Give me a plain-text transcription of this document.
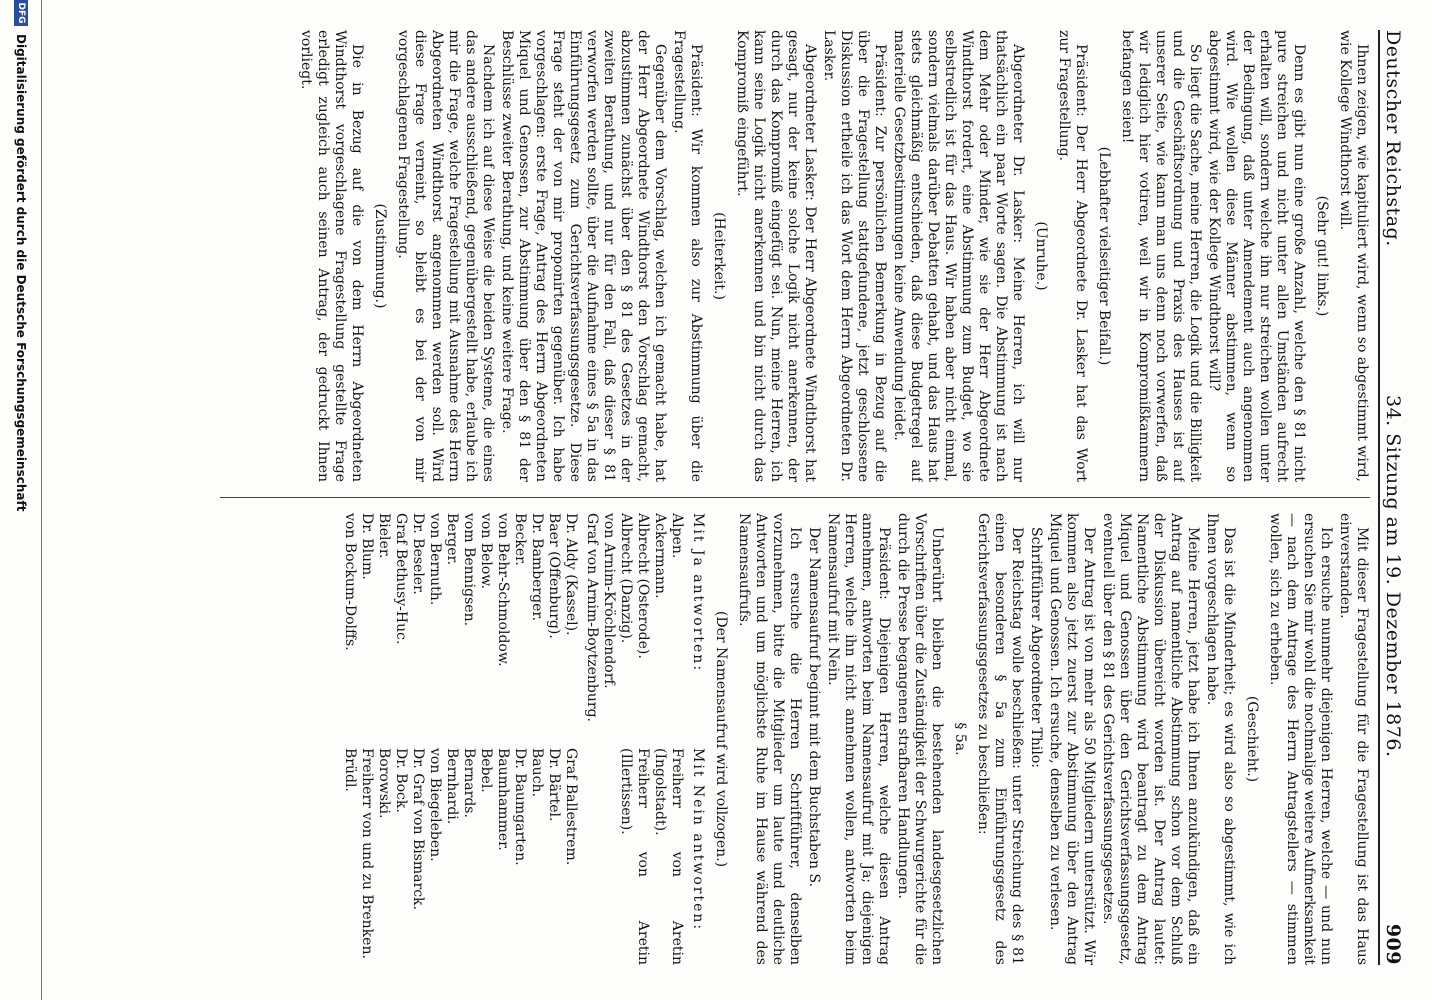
Deutscher Reichstag.
34. Sitzung am 19. Dezember 1876.
909

Ihnen zeigen, wie kapituliert wird, wenn so abgestimmt wird, wie Kollege Windthorst will.

(Sehr gut! links.)

Denn es gibt nun eine große Anzahl, welche den § 81 nicht pure streichen und nicht unter allen Umständen aufrecht erhalten will, sondern welche ihn nur streichen wollen unter der Bedingung, daß unter Amendement auch angenommen wird. Wie wollen diese Männer abstimmen, wenn so abgestimmt wird, wie der Kollege Windthorst will?

So liegt die Sache, meine Herren, die Logik und die Billigkeit und die Geschäftsordnung und Praxis des Hauses ist auf unserer Seite, wie kann man uns denn noch vorwerfen, daß wir lediglich hier votiren, weil wir in Kompromißkammern befangen seien!

(Lebhafter vielseitiger Beifall.)

Präsident: Der Herr Abgeordnete Dr. Lasker hat das Wort zur Fragestellung.

(Unruhe.)

Abgeordneter Dr. Lasker: Meine Herren, ich will nur thatsächlich ein paar Worte sagen. Die Abstimmung ist nach dem Mehr oder Minder, wie sie der Herr Abgeordnete Windthorst fordert, eine Abstimmung zum Budget, wo sie selbstredlich ist für das Haus. Wir haben aber nicht einmal, sondern vielmals darüber Debatten gehabt, und das Haus hat stets gleichmäßig entschieden, daß diese Budgetregel auf materielle Gesetzbestimmungen keine Anwendung leidet.

Präsident: Zur persönlichen Bemerkung in Bezug auf die über die Fragestellung stattgefundene, jetzt geschlossene Diskussion ertheile ich das Wort dem Herrn Abgeordneten Dr. Lasker.

Abgeordneter Lasker: Der Herr Abgeordnete Windthorst hat gesagt, nur der keine solche Logik nicht anerkennen, der durch das Kompromiß eingefügt sei. Nun, meine Herren, ich kann seine Logik nicht anerkennen und bin nicht durch das Kompromiß eingeführt.

(Heiterkeit.)

Präsident: Wir kommen also zur Abstimmung über die Fragestellung.

Gegenüber dem Vorschlag, welchen ich gemacht habe, hat der Herr Abgeordnete Windthorst den Vorschlag gemacht, abzustimmen zunächst über den § 81 des Gesetzes in der zweiten Berathung, und nur für den Fall, daß dieser § 81 verworfen werden sollte, über die Aufnahme eines § 5a in das Einführungsgesetz zum Gerichtsverfassungsgesetze. Diese Frage steht der von mir proponirten gegenüber. Ich habe vorgeschlagen: erste Frage, Antrag des Herrn Abgeordneten Miquel und Genossen, zur Abstimmung über den § 81 der Beschlüsse zweiter Berathung, und keine weitere Frage.

Nachdem ich auf diese Weise die beiden Systeme, die eines das andere ausschließend, gegenübergestellt habe, erlaube ich mir die Frage, welche Fragestellung mit Ausnahme des Herrn Abgeordneten Windthorst angenommen werden soll. Wird diese Frage verneint, so bleibt es bei der von mir vorgeschlagenen Fragestellung.

(Zustimmung.)

Die in Bezug auf die von dem Herrn Abgeordneten Windthorst vorgeschlagene Fragestellung gestellte Frage erledigt zugleich auch seinen Antrag, der gedruckt Ihnen vorliegt.

Mit dieser Fragestellung für die Fragestellung ist das Haus einverstanden.

Ich ersuche nunmehr diejenigen Herren, welche — und nun ersuchen Sie mir wohl die nochmalige weitere Aufmerksamkeit — nach dem Antrage des Herrn Antragstellers — stimmen wollen, sich zu erheben.

(Geschieht.)

Das ist die Minderheit; es wird also so abgestimmt, wie ich Ihnen vorgeschlagen habe.

Meine Herren, jetzt habe ich Ihnen anzukündigen, daß ein Antrag auf namentliche Abstimmung schon vor dem Schluß der Diskussion übereicht worden ist. Der Antrag lautet: Namentliche Abstimmung wird beantragt zu dem Antrag Miquel und Genossen über den Gerichtsverfassungsgesetz, eventuell über den § 81 des Gerichtsverfassungsgesetzes.

Der Antrag ist von mehr als 50 Mitgliedern unterstützt. Wir kommen also jetzt zuerst zur Abstimmung über den Antrag Miquel und Genossen. Ich ersuche, denselben zu verlesen.

Schriftführer Abgeordneter Thilo:

Der Reichstag wolle beschließen: unter Streichung des § 81 einen besonderen § 5a zum Einführungsgesetz des Gerichtsverfassungsgesetzes zu beschließen:

§ 5a.

Unberührt bleiben die bestehenden landesgesetzlichen Vorschriften über die Zuständigkeit der Schwurgerichte für die durch die Presse begangenen strafbaren Handlungen.

Präsident: Diejenigen Herren, welche diesen Antrag annehmen, antworten beim Namensaufruf mit Ja; diejenigen Herren, welche ihn nicht annehmen wollen, antworten beim Namensaufruf mit Nein.

Der Namensaufruf beginnt mit dem Buchstaben S.

Ich ersuche die Herren Schriftführer, denselben vorzunehmen, bitte die Mitglieder um laute und deutliche Antworten und um möglichste Ruhe im Hause während des Namensaufrufs.

(Der Namensaufruf wird vollzogen.)

Mit Ja antworten:
Mit Nein antworten:
Alpen.
Ackermann.
Albrecht (Osterode).
Albrecht (Danzig).
von Arnim-Kröchlendorf.
Graf von Arnim-Boytzenburg.
Freiherr von Aretin (Ingolstadt).
Freiherr von Aretin (Illertissen).
Dr. Aldy (Kassel).
Baer (Offenburg).
Dr. Bamberger.
Becker.
von Behr-Schmoldow.
von Below.
vom Bennigsen.
Berger.
von Bernuth.
Dr. Beseler.
Graf Bethusy-Huc.
Bieler.
Dr. Blum.
von Bockum-Dolffs.
Graf Ballestrem.
Dr. Bärtel.
Bauch.
Dr. Baumgarten.
Baumhammer.
Bebel.
Bernards.
Bernhardi.
von Biegeleben.
Dr. Graf von Bismarck.
Dr. Bock.
Borowski.
Freiherr von und zu Brenken.
Brüdl.
DFG
Digitalisierung gefördert durch die Deutsche Forschungsgemeinschaft
